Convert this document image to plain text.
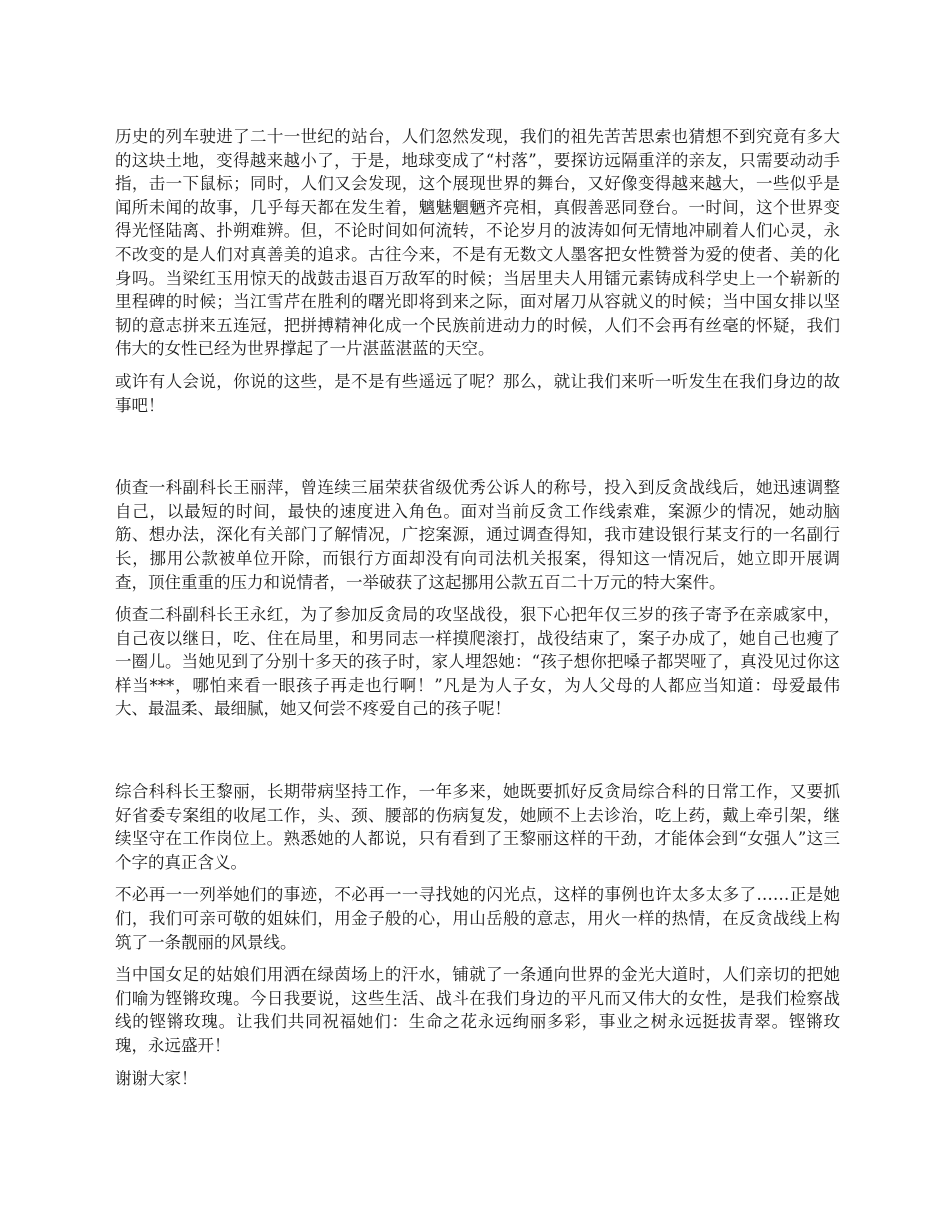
历史的列车驶进了二十一世纪的站台，人们忽然发现，我们的祖先苦苦思索也猜想不到究竟有多大的这块土地，变得越来越小了，于是，地球变成了“村落”，要探访远隔重洋的亲友，只需要动动手指，击一下鼠标；同时，人们又会发现，这个展现世界的舞台，又好像变得越来越大，一些似乎是闻所未闻的故事，几乎每天都在发生着，魑魅魍魉齐亮相，真假善恶同登台。一时间，这个世界变得光怪陆离、扑朔难辨。但，不论时间如何流转，不论岁月的波涛如何无情地冲刷着人们心灵，永不改变的是人们对真善美的追求。古往今来，不是有无数文人墨客把女性赞誉为爱的使者、美的化身吗。当梁红玉用惊天的战鼓击退百万敌军的时候；当居里夫人用镭元素铸成科学史上一个崭新的里程碑的时候；当江雪芹在胜利的曙光即将到来之际，面对屠刀从容就义的时候；当中国女排以坚韧的意志拼来五连冠，把拼搏精神化成一个民族前进动力的时候，人们不会再有丝毫的怀疑，我们伟大的女性已经为世界撑起了一片湛蓝湛蓝的天空。

或许有人会说，你说的这些，是不是有些遥远了呢？那么，就让我们来听一听发生在我们身边的故事吧！

侦查一科副科长王丽萍，曾连续三届荣获省级优秀公诉人的称号，投入到反贪战线后，她迅速调整自己，以最短的时间，最快的速度进入角色。面对当前反贪工作线索难，案源少的情况，她动脑筋、想办法，深化有关部门了解情况，广挖案源，通过调查得知，我市建设银行某支行的一名副行长，挪用公款被单位开除，而银行方面却没有向司法机关报案，得知这一情况后，她立即开展调查，顶住重重的压力和说情者，一举破获了这起挪用公款五百二十万元的特大案件。

侦查二科副科长王永红，为了参加反贪局的攻坚战役，狠下心把年仅三岁的孩子寄予在亲戚家中，自己夜以继日，吃、住在局里，和男同志一样摸爬滚打，战役结束了，案子办成了，她自己也瘦了一圈儿。当她见到了分别十多天的孩子时，家人埋怨她：“孩子想你把嗓子都哭哑了，真没见过你这样当***，哪怕来看一眼孩子再走也行啊！”凡是为人子女，为人父母的人都应当知道：母爱最伟大、最温柔、最细腻，她又何尝不疼爱自己的孩子呢！

综合科科长王黎丽，长期带病坚持工作，一年多来，她既要抓好反贪局综合科的日常工作，又要抓好省委专案组的收尾工作，头、颈、腰部的伤病复发，她顾不上去诊治，吃上药，戴上牵引架，继续坚守在工作岗位上。熟悉她的人都说，只有看到了王黎丽这样的干劲，才能体会到“女强人”这三个字的真正含义。

不必再一一列举她们的事迹，不必再一一寻找她的闪光点，这样的事例也许太多太多了……正是她们，我们可亲可敬的姐妹们，用金子般的心，用山岳般的意志，用火一样的热情，在反贪战线上构筑了一条靓丽的风景线。

当中国女足的姑娘们用洒在绿茵场上的汗水，铺就了一条通向世界的金光大道时，人们亲切的把她们喻为铿锵玫瑰。今日我要说，这些生活、战斗在我们身边的平凡而又伟大的女性，是我们检察战线的铿锵玫瑰。让我们共同祝福她们：生命之花永远绚丽多彩，事业之树永远挺拔青翠。铿锵玫瑰，永远盛开！

谢谢大家！
